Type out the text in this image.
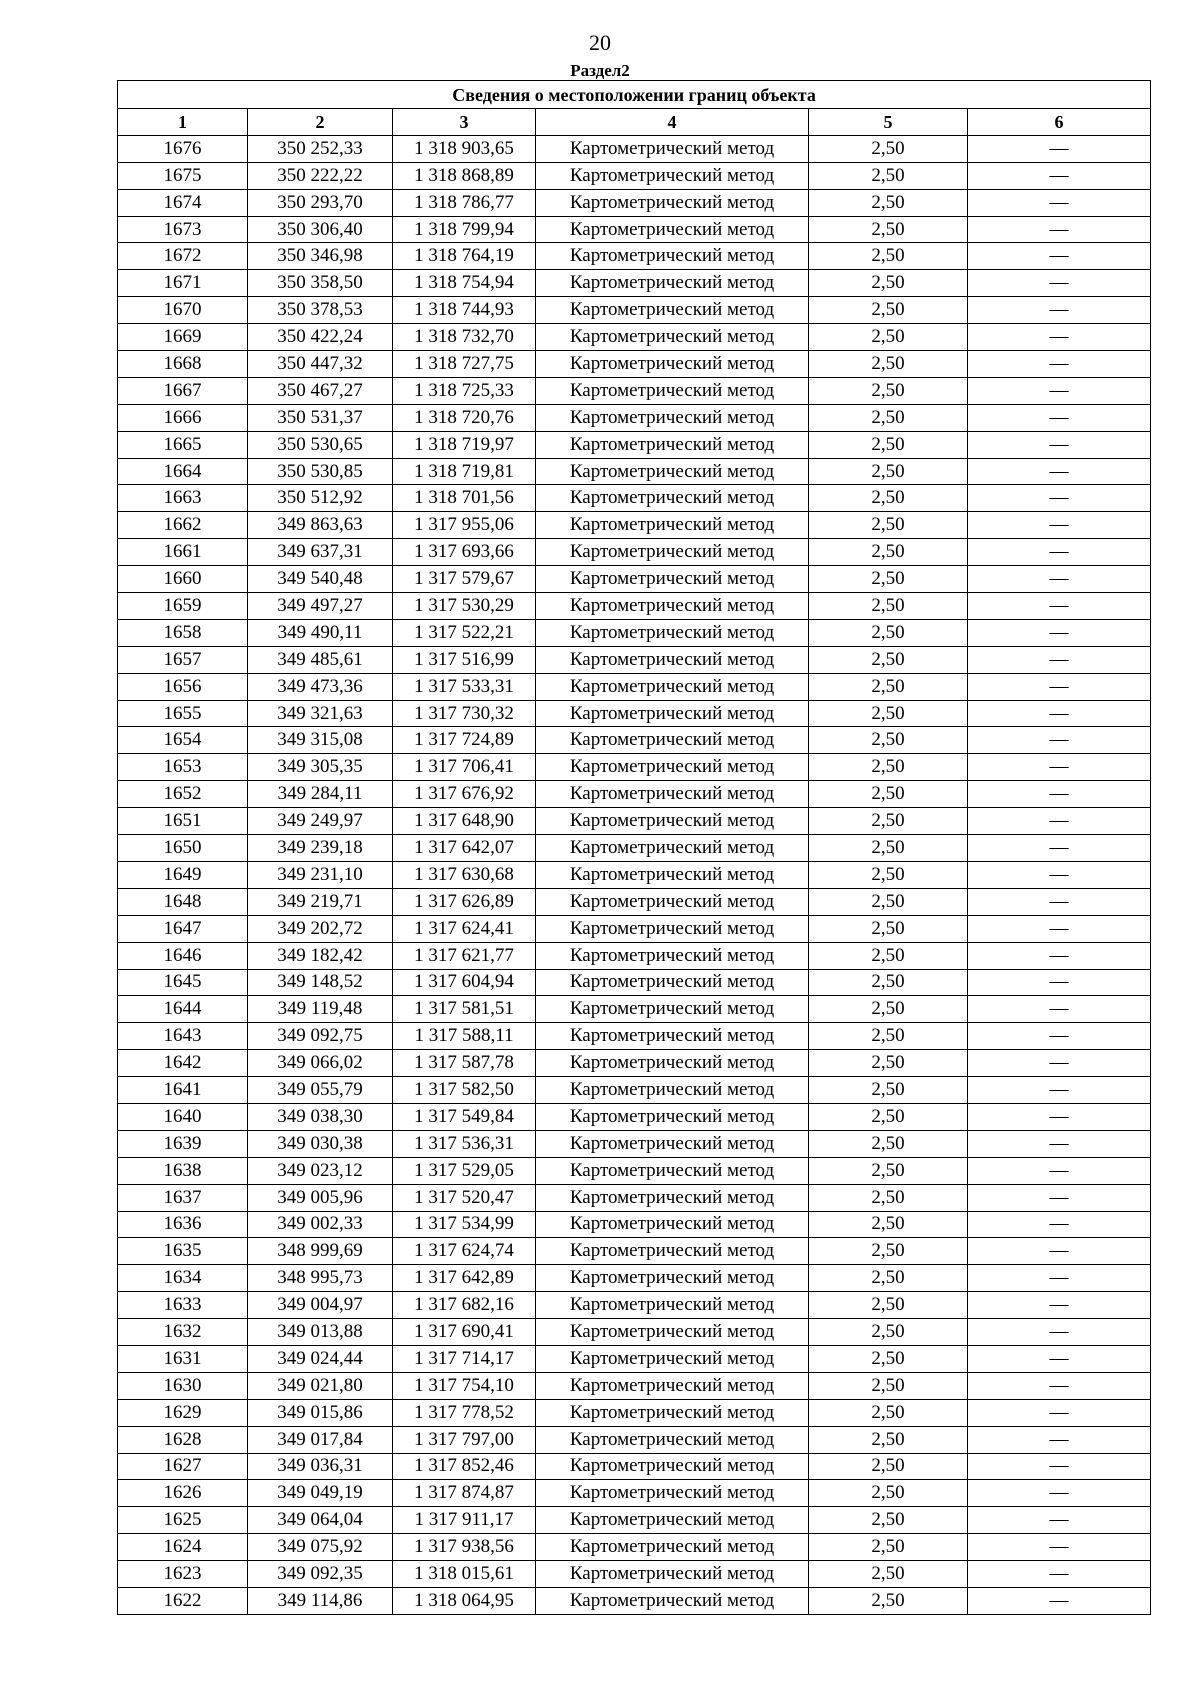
20
Раздел2
Сведения о местоположении границ объекта					
1	2	3	4	5	6
1676	350 252,33	1 318 903,65	Картометрический метод	2,50	—
1675	350 222,22	1 318 868,89	Картометрический метод	2,50	—
1674	350 293,70	1 318 786,77	Картометрический метод	2,50	—
1673	350 306,40	1 318 799,94	Картометрический метод	2,50	—
1672	350 346,98	1 318 764,19	Картометрический метод	2,50	—
1671	350 358,50	1 318 754,94	Картометрический метод	2,50	—
1670	350 378,53	1 318 744,93	Картометрический метод	2,50	—
1669	350 422,24	1 318 732,70	Картометрический метод	2,50	—
1668	350 447,32	1 318 727,75	Картометрический метод	2,50	—
1667	350 467,27	1 318 725,33	Картометрический метод	2,50	—
1666	350 531,37	1 318 720,76	Картометрический метод	2,50	—
1665	350 530,65	1 318 719,97	Картометрический метод	2,50	—
1664	350 530,85	1 318 719,81	Картометрический метод	2,50	—
1663	350 512,92	1 318 701,56	Картометрический метод	2,50	—
1662	349 863,63	1 317 955,06	Картометрический метод	2,50	—
1661	349 637,31	1 317 693,66	Картометрический метод	2,50	—
1660	349 540,48	1 317 579,67	Картометрический метод	2,50	—
1659	349 497,27	1 317 530,29	Картометрический метод	2,50	—
1658	349 490,11	1 317 522,21	Картометрический метод	2,50	—
1657	349 485,61	1 317 516,99	Картометрический метод	2,50	—
1656	349 473,36	1 317 533,31	Картометрический метод	2,50	—
1655	349 321,63	1 317 730,32	Картометрический метод	2,50	—
1654	349 315,08	1 317 724,89	Картометрический метод	2,50	—
1653	349 305,35	1 317 706,41	Картометрический метод	2,50	—
1652	349 284,11	1 317 676,92	Картометрический метод	2,50	—
1651	349 249,97	1 317 648,90	Картометрический метод	2,50	—
1650	349 239,18	1 317 642,07	Картометрический метод	2,50	—
1649	349 231,10	1 317 630,68	Картометрический метод	2,50	—
1648	349 219,71	1 317 626,89	Картометрический метод	2,50	—
1647	349 202,72	1 317 624,41	Картометрический метод	2,50	—
1646	349 182,42	1 317 621,77	Картометрический метод	2,50	—
1645	349 148,52	1 317 604,94	Картометрический метод	2,50	—
1644	349 119,48	1 317 581,51	Картометрический метод	2,50	—
1643	349 092,75	1 317 588,11	Картометрический метод	2,50	—
1642	349 066,02	1 317 587,78	Картометрический метод	2,50	—
1641	349 055,79	1 317 582,50	Картометрический метод	2,50	—
1640	349 038,30	1 317 549,84	Картометрический метод	2,50	—
1639	349 030,38	1 317 536,31	Картометрический метод	2,50	—
1638	349 023,12	1 317 529,05	Картометрический метод	2,50	—
1637	349 005,96	1 317 520,47	Картометрический метод	2,50	—
1636	349 002,33	1 317 534,99	Картометрический метод	2,50	—
1635	348 999,69	1 317 624,74	Картометрический метод	2,50	—
1634	348 995,73	1 317 642,89	Картометрический метод	2,50	—
1633	349 004,97	1 317 682,16	Картометрический метод	2,50	—
1632	349 013,88	1 317 690,41	Картометрический метод	2,50	—
1631	349 024,44	1 317 714,17	Картометрический метод	2,50	—
1630	349 021,80	1 317 754,10	Картометрический метод	2,50	—
1629	349 015,86	1 317 778,52	Картометрический метод	2,50	—
1628	349 017,84	1 317 797,00	Картометрический метод	2,50	—
1627	349 036,31	1 317 852,46	Картометрический метод	2,50	—
1626	349 049,19	1 317 874,87	Картометрический метод	2,50	—
1625	349 064,04	1 317 911,17	Картометрический метод	2,50	—
1624	349 075,92	1 317 938,56	Картометрический метод	2,50	—
1623	349 092,35	1 318 015,61	Картометрический метод	2,50	—
1622	349 114,86	1 318 064,95	Картометрический метод	2,50	—
